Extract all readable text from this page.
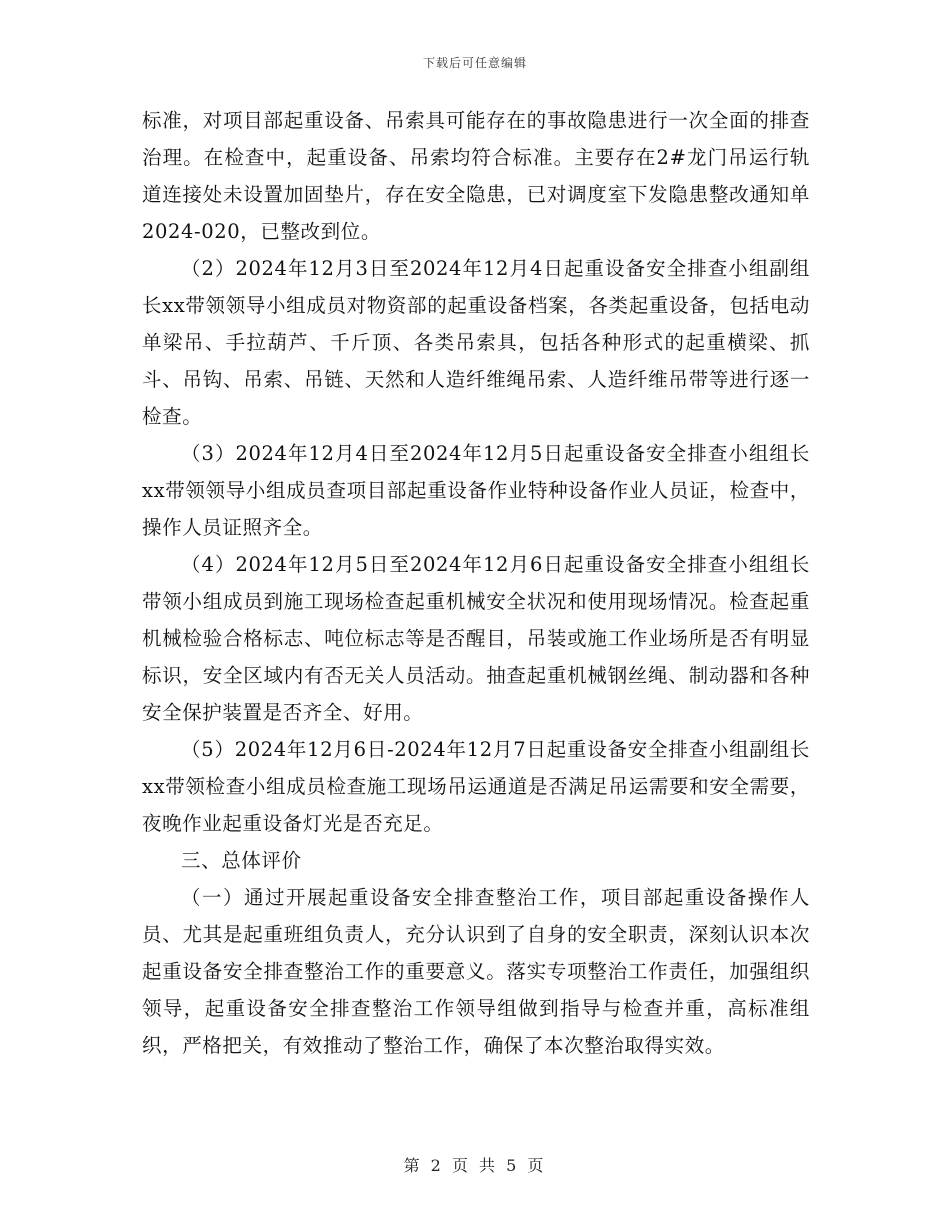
下载后可任意编辑

标准，对项目部起重设备、吊索具可能存在的事故隐患进行一次全面的排查治理。在检查中，起重设备、吊索均符合标准。主要存在2#龙门吊运行轨道连接处未设置加固垫片，存在安全隐患，已对调度室下发隐患整改通知单2024-020，已整改到位。

（2）2024年12月3日至2024年12月4日起重设备安全排查小组副组长xx带领领导小组成员对物资部的起重设备档案，各类起重设备，包括电动单梁吊、手拉葫芦、千斤顶、各类吊索具，包括各种形式的起重横梁、抓斗、吊钩、吊索、吊链、天然和人造纤维绳吊索、人造纤维吊带等进行逐一检查。

（3）2024年12月4日至2024年12月5日起重设备安全排查小组组长xx带领领导小组成员查项目部起重设备作业特种设备作业人员证，检查中，操作人员证照齐全。

（4）2024年12月5日至2024年12月6日起重设备安全排查小组组长带领小组成员到施工现场检查起重机械安全状况和使用现场情况。检查起重机械检验合格标志、吨位标志等是否醒目，吊装或施工作业场所是否有明显标识，安全区域内有否无关人员活动。抽查起重机械钢丝绳、制动器和各种安全保护装置是否齐全、好用。

（5）2024年12月6日-2024年12月7日起重设备安全排查小组副组长xx带领检查小组成员检查施工现场吊运通道是否满足吊运需要和安全需要，夜晚作业起重设备灯光是否充足。

三、总体评价

（一）通过开展起重设备安全排查整治工作，项目部起重设备操作人员、尤其是起重班组负责人，充分认识到了自身的安全职责，深刻认识本次起重设备安全排查整治工作的重要意义。落实专项整治工作责任，加强组织领导，起重设备安全排查整治工作领导组做到指导与检查并重，高标准组织，严格把关，有效推动了整治工作，确保了本次整治取得实效。

第 2 页 共 5 页
